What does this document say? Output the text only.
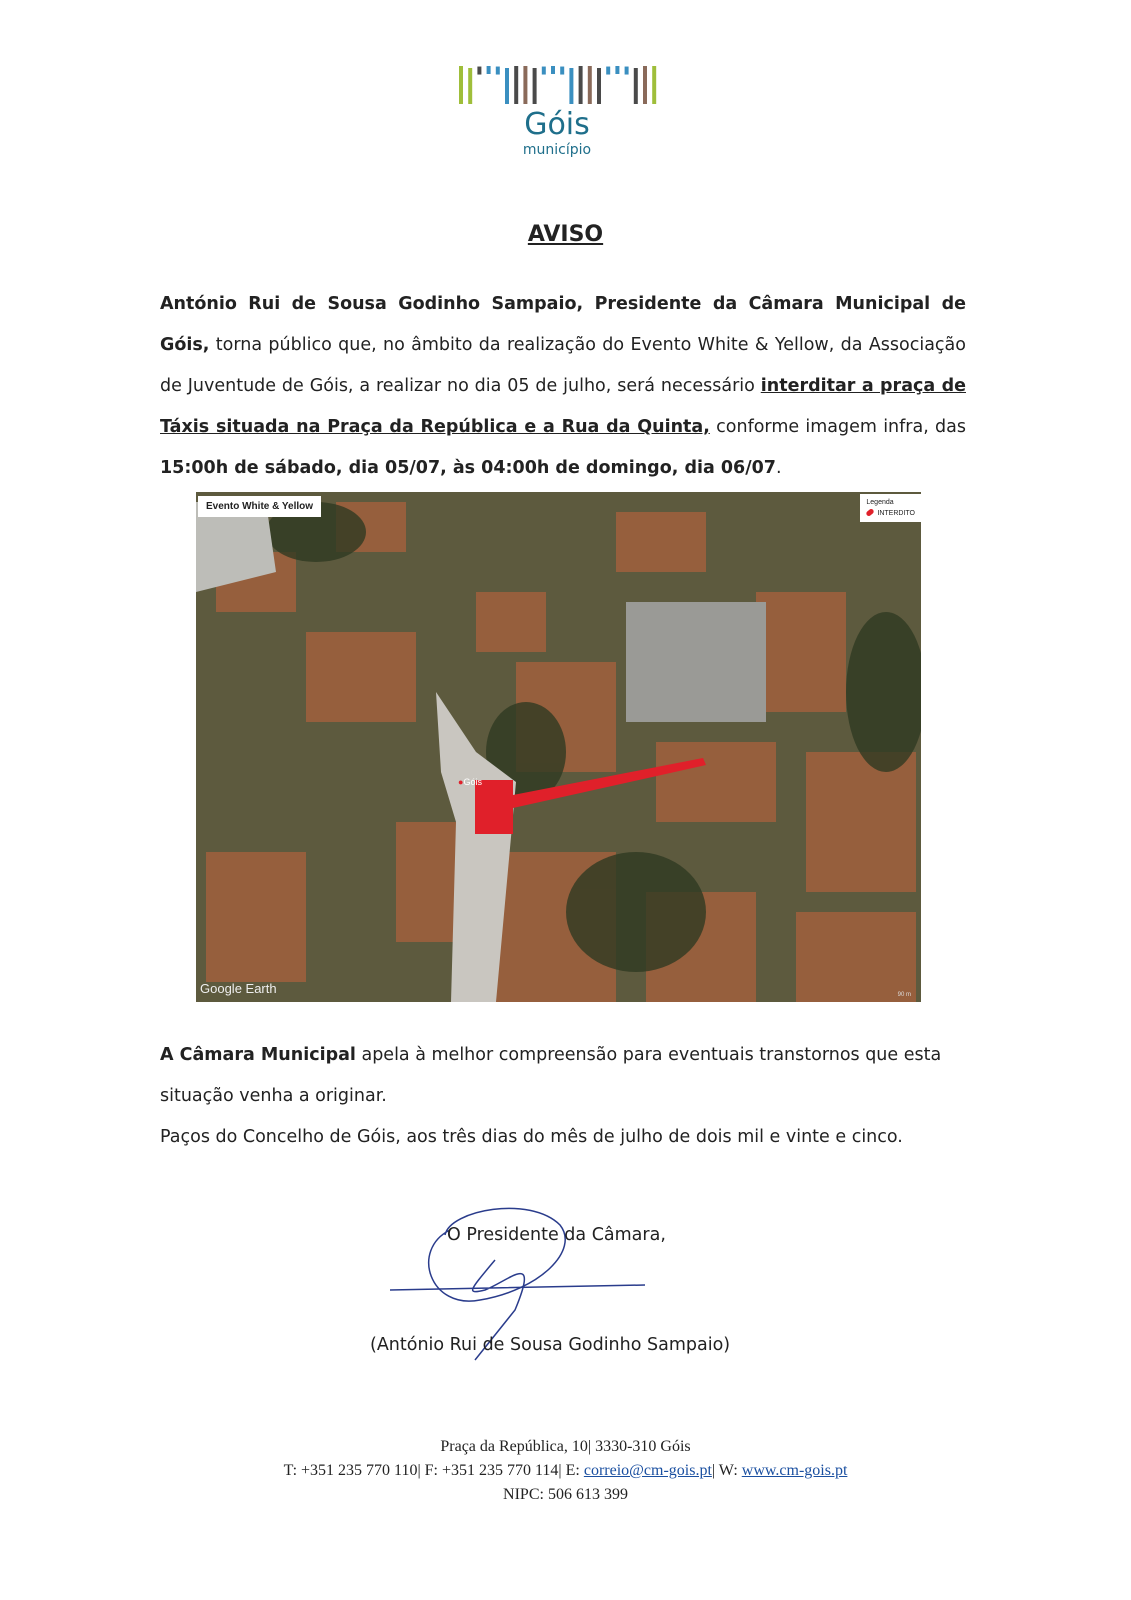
Góis
município
AVISO
António Rui de Sousa Godinho Sampaio, Presidente da Câmara Municipal de Góis, torna público que, no âmbito da realização do Evento White & Yellow, da Associação de Juventude de Góis, a realizar no dia 05 de julho, será necessário interditar a praça de Táxis situada na Praça da República e a Rua da Quinta, conforme imagem infra, das 15:00h de sábado, dia 05/07, às 04:00h de domingo, dia 06/07.
Evento White & Yellow	Legenda
INTERDITO
●Góis
Google Earth	90 m
A Câmara Municipal apela à melhor compreensão para eventuais transtornos que esta situação venha a originar.
Paços do Concelho de Góis, aos três dias do mês de julho de dois mil e vinte e cinco.
O Presidente da Câmara,
(António Rui de Sousa Godinho Sampaio)
Praça da República, 10| 3330-310 Góis
T: +351 235 770 110| F: +351 235 770 114| E: correio@cm-gois.pt| W: www.cm-gois.pt
NIPC: 506 613 399
